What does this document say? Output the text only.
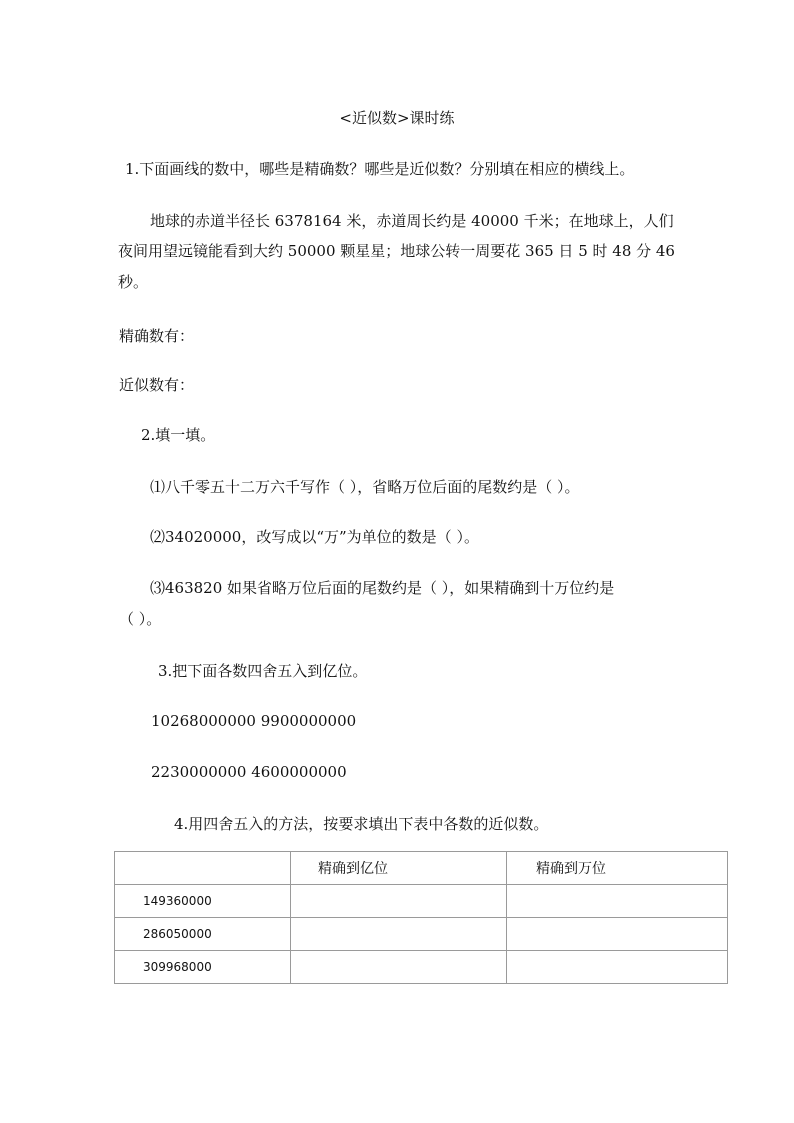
<近似数>课时练
1.下面画线的数中，哪些是精确数？哪些是近似数？分别填在相应的横线上。
地球的赤道半径长 6378164 米，赤道周长约是 40000 千米；在地球上，人们
夜间用望远镜能看到大约 50000 颗星星；地球公转一周要花 365 日 5 时 48 分 46
秒。
精确数有：
近似数有：
2.填一填。
⑴八千零五十二万六千写作（ ），省略万位后面的尾数约是（ ）。
⑵34020000，改写成以“万”为单位的数是（ ）。
⑶463820 如果省略万位后面的尾数约是（ ），如果精确到十万位约是
（ ）。
3.把下面各数四舍五入到亿位。
10268000000 9900000000
2230000000 4600000000
4.用四舍五入的方法，按要求填出下表中各数的近似数。
	精确到亿位	精确到万位
149360000		
286050000		
309968000		
